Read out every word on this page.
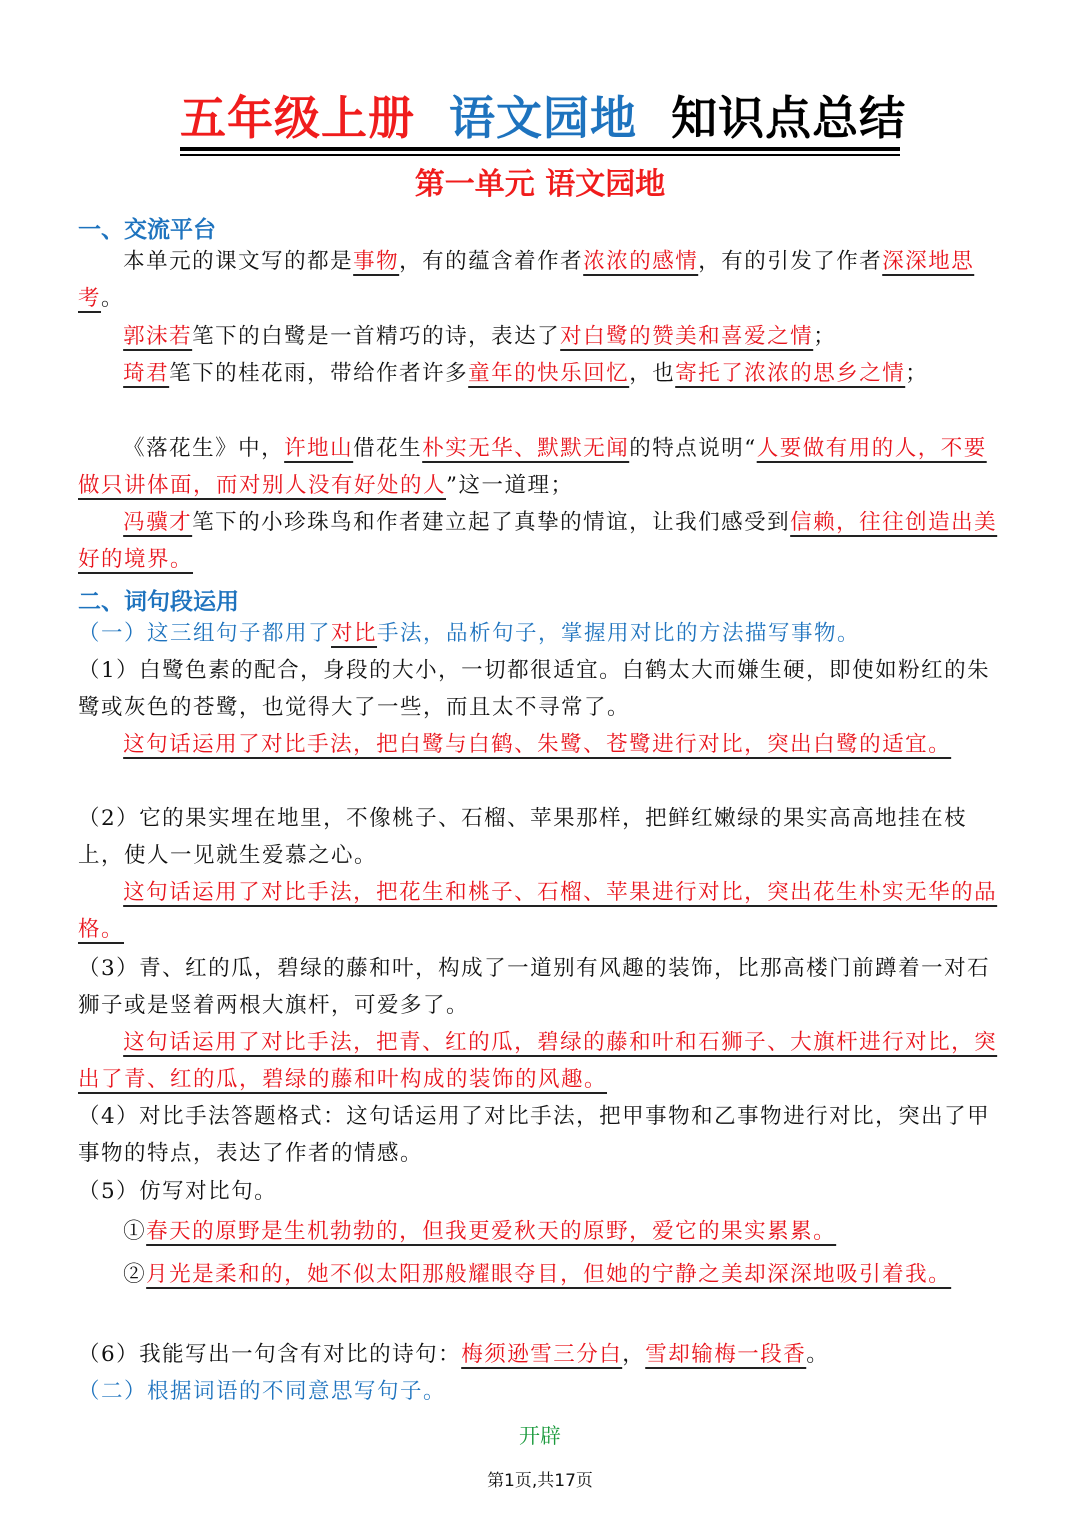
五年级上册 语文园地 知识点总结
第一单元 语文园地
一、交流平台
本单元的课文写的都是事物，有的蕴含着作者浓浓的感情，有的引发了作者深深地思考。
郭沫若笔下的白鹭是一首精巧的诗，表达了对白鹭的赞美和喜爱之情；
琦君笔下的桂花雨，带给作者许多童年的快乐回忆，也寄托了浓浓的思乡之情；
《落花生》中，许地山借花生朴实无华、默默无闻的特点说明“人要做有用的人，不要做只讲体面，而对别人没有好处的人”这一道理；
冯骥才笔下的小珍珠鸟和作者建立起了真挚的情谊，让我们感受到信赖，往往创造出美好的境界。
二、词句段运用
（一）这三组句子都用了对比手法，品析句子，掌握用对比的方法描写事物。
（1）白鹭色素的配合，身段的大小，一切都很适宜。白鹤太大而嫌生硬，即使如粉红的朱鹭或灰色的苍鹭，也觉得大了一些，而且太不寻常了。
这句话运用了对比手法，把白鹭与白鹤、朱鹭、苍鹭进行对比，突出白鹭的适宜。
（2）它的果实埋在地里，不像桃子、石榴、苹果那样，把鲜红嫩绿的果实高高地挂在枝上，使人一见就生爱慕之心。
这句话运用了对比手法，把花生和桃子、石榴、苹果进行对比，突出花生朴实无华的品格。
（3）青、红的瓜，碧绿的藤和叶，构成了一道别有风趣的装饰，比那高楼门前蹲着一对石狮子或是竖着两根大旗杆，可爱多了。
这句话运用了对比手法，把青、红的瓜，碧绿的藤和叶和石狮子、大旗杆进行对比，突出了青、红的瓜，碧绿的藤和叶构成的装饰的风趣。
（4）对比手法答题格式：这句话运用了对比手法，把甲事物和乙事物进行对比，突出了甲事物的特点，表达了作者的情感。
（5）仿写对比句。
①春天的原野是生机勃勃的，但我更爱秋天的原野，爱它的果实累累。
②月光是柔和的，她不似太阳那般耀眼夺目，但她的宁静之美却深深地吸引着我。
（6）我能写出一句含有对比的诗句：梅须逊雪三分白，雪却输梅一段香。
（二）根据词语的不同意思写句子。
开辟
第1页,共17页
